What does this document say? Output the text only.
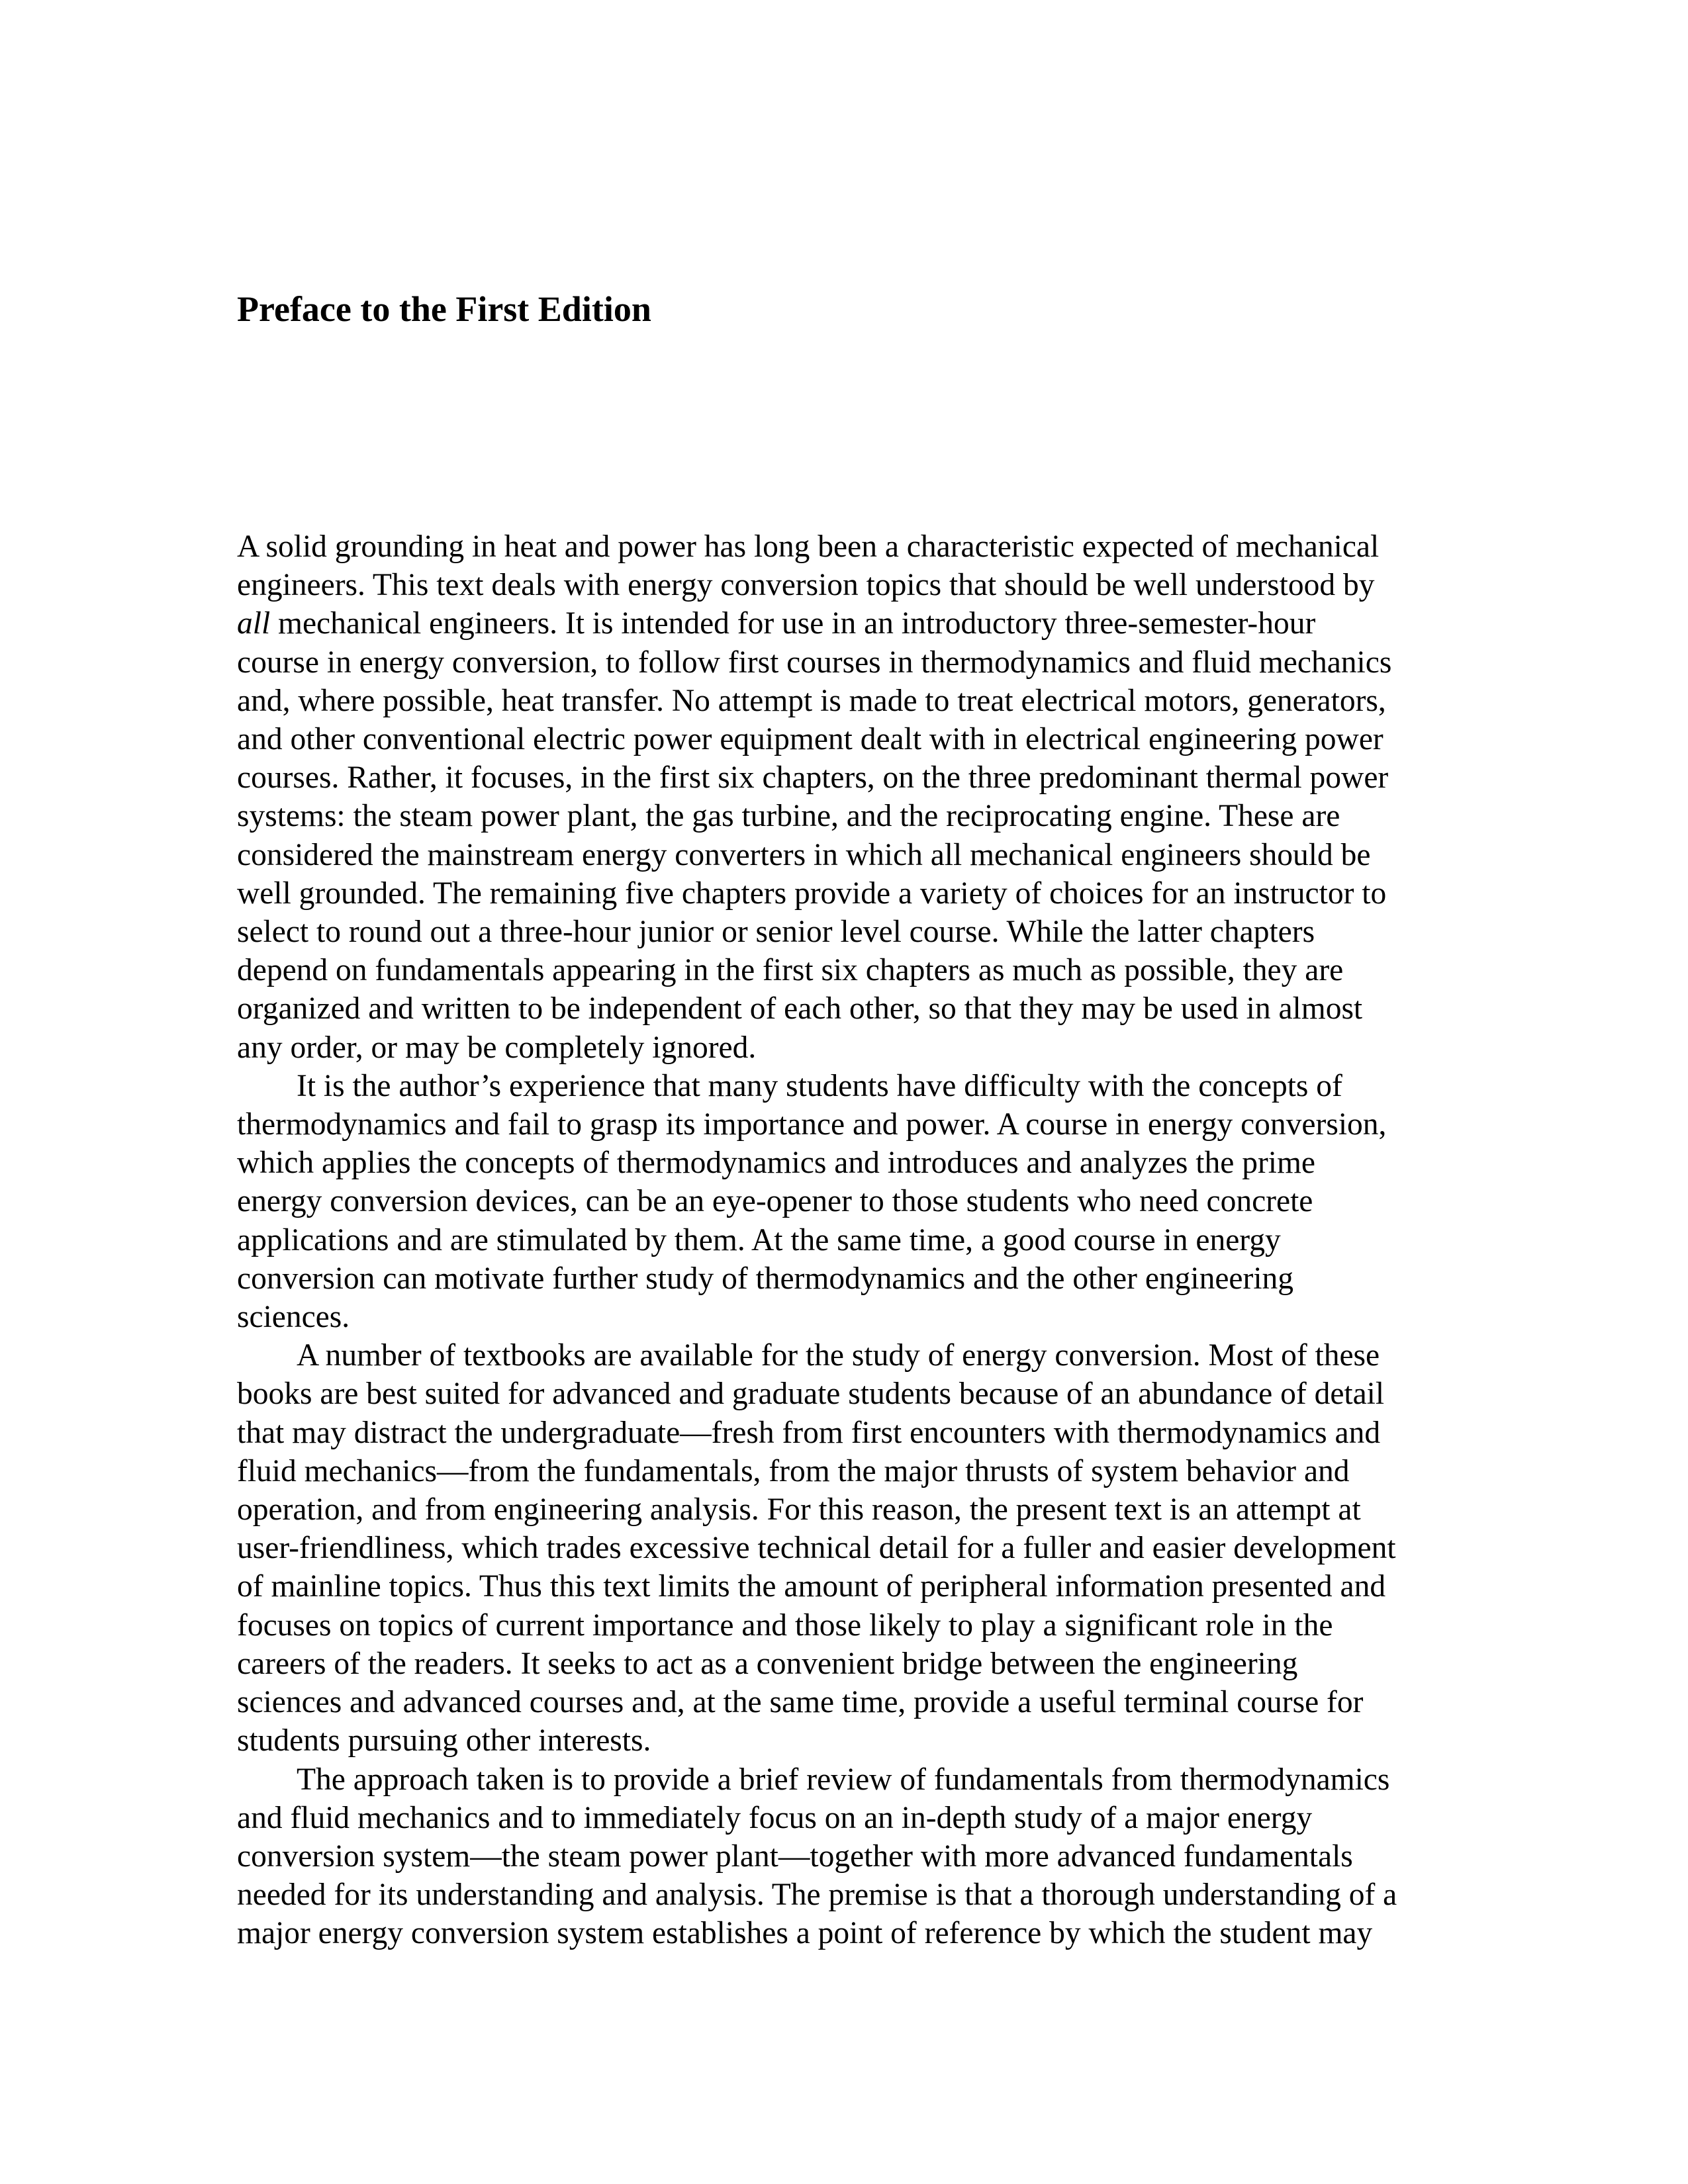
Preface to the First Edition
A solid grounding in heat and power has long been a characteristic expected of mechanical
engineers. This text deals with energy conversion topics that should be well understood by
all mechanical engineers. It is intended for use in an introductory three-semester-hour
course in energy conversion, to follow first courses in thermodynamics and fluid mechanics
and, where possible, heat transfer. No attempt is made to treat electrical motors, generators,
and other conventional electric power equipment dealt with in electrical engineering power
courses. Rather, it focuses, in the first six chapters, on the three predominant thermal power
systems: the steam power plant, the gas turbine, and the reciprocating engine. These are
considered the mainstream energy converters in which all mechanical engineers should be
well grounded. The remaining five chapters provide a variety of choices for an instructor to
select to round out a three-hour junior or senior level course. While the latter chapters
depend on fundamentals appearing in the first six chapters as much as possible, they are
organized and written to be independent of each other, so that they may be used in almost
any order, or may be completely ignored.
It is the author’s experience that many students have difficulty with the concepts of
thermodynamics and fail to grasp its importance and power. A course in energy conversion,
which applies the concepts of thermodynamics and introduces and analyzes the prime
energy conversion devices, can be an eye-opener to those students who need concrete
applications and are stimulated by them. At the same time, a good course in energy
conversion can motivate further study of thermodynamics and the other engineering
sciences.
A number of textbooks are available for the study of energy conversion. Most of these
books are best suited for advanced and graduate students because of an abundance of detail
that may distract the undergraduate—fresh from first encounters with thermodynamics and
fluid mechanics—from the fundamentals, from the major thrusts of system behavior and
operation, and from engineering analysis. For this reason, the present text is an attempt at
user-friendliness, which trades excessive technical detail for a fuller and easier development
of mainline topics. Thus this text limits the amount of peripheral information presented and
focuses on topics of current importance and those likely to play a significant role in the
careers of the readers. It seeks to act as a convenient bridge between the engineering
sciences and advanced courses and, at the same time, provide a useful terminal course for
students pursuing other interests.
The approach taken is to provide a brief review of fundamentals from thermodynamics
and fluid mechanics and to immediately focus on an in-depth study of a major energy
conversion system—the steam power plant—together with more advanced fundamentals
needed for its understanding and analysis. The premise is that a thorough understanding of a
major energy conversion system establishes a point of reference by which the student may
